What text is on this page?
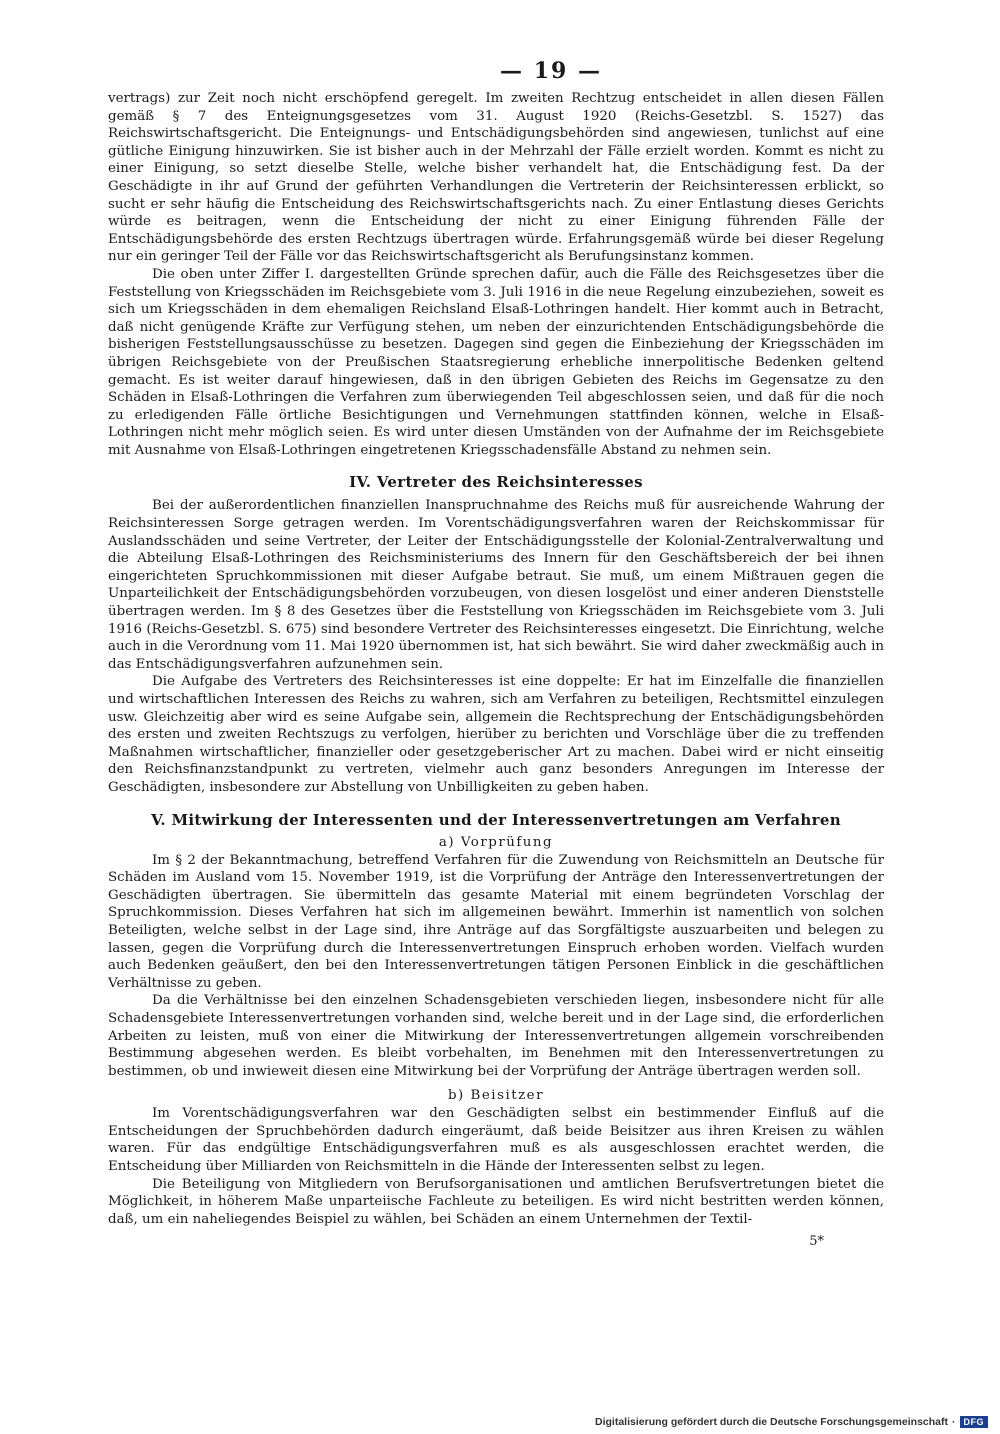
— 19 —

vertrags) zur Zeit noch nicht erschöpfend geregelt. Im zweiten Rechtzug entscheidet in allen diesen Fällen gemäß § 7 des Enteignungsgesetzes vom 31. August 1920 (Reichs-Gesetzbl. S. 1527) das Reichswirtschaftsgericht. Die Enteignungs- und Entschädigungsbehörden sind angewiesen, tunlichst auf eine gütliche Einigung hinzuwirken. Sie ist bisher auch in der Mehrzahl der Fälle erzielt worden. Kommt es nicht zu einer Einigung, so setzt dieselbe Stelle, welche bisher verhandelt hat, die Entschädigung fest. Da der Geschädigte in ihr auf Grund der geführten Verhandlungen die Vertreterin der Reichsinteressen erblickt, so sucht er sehr häufig die Entscheidung des Reichswirtschaftsgerichts nach. Zu einer Entlastung dieses Gerichts würde es beitragen, wenn die Entscheidung der nicht zu einer Einigung führenden Fälle der Entschädigungsbehörde des ersten Rechtzugs übertragen würde. Erfahrungsgemäß würde bei dieser Regelung nur ein geringer Teil der Fälle vor das Reichswirtschaftsgericht als Berufungsinstanz kommen.

Die oben unter Ziffer I. dargestellten Gründe sprechen dafür, auch die Fälle des Reichsgesetzes über die Feststellung von Kriegsschäden im Reichsgebiete vom 3. Juli 1916 in die neue Regelung einzubeziehen, soweit es sich um Kriegsschäden in dem ehemaligen Reichsland Elsaß-Lothringen handelt. Hier kommt auch in Betracht, daß nicht genügende Kräfte zur Verfügung stehen, um neben der einzurichtenden Entschädigungsbehörde die bisherigen Feststellungsausschüsse zu besetzen. Dagegen sind gegen die Einbeziehung der Kriegsschäden im übrigen Reichsgebiete von der Preußischen Staatsregierung erhebliche innerpolitische Bedenken geltend gemacht. Es ist weiter darauf hingewiesen, daß in den übrigen Gebieten des Reichs im Gegensatze zu den Schäden in Elsaß-Lothringen die Verfahren zum überwiegenden Teil abgeschlossen seien, und daß für die noch zu erledigenden Fälle örtliche Besichtigungen und Vernehmungen stattfinden können, welche in Elsaß-Lothringen nicht mehr möglich seien. Es wird unter diesen Umständen von der Aufnahme der im Reichsgebiete mit Ausnahme von Elsaß-Lothringen eingetretenen Kriegsschadensfälle Abstand zu nehmen sein.

IV. Vertreter des Reichsinteresses

Bei der außerordentlichen finanziellen Inanspruchnahme des Reichs muß für ausreichende Wahrung der Reichsinteressen Sorge getragen werden. Im Vorentschädigungsverfahren waren der Reichskommissar für Auslandsschäden und seine Vertreter, der Leiter der Entschädigungsstelle der Kolonial-Zentralverwaltung und die Abteilung Elsaß-Lothringen des Reichsministeriums des Innern für den Geschäftsbereich der bei ihnen eingerichteten Spruchkommissionen mit dieser Aufgabe betraut. Sie muß, um einem Mißtrauen gegen die Unparteilichkeit der Entschädigungsbehörden vorzubeugen, von diesen losgelöst und einer anderen Dienststelle übertragen werden. Im § 8 des Gesetzes über die Feststellung von Kriegsschäden im Reichsgebiete vom 3. Juli 1916 (Reichs-Gesetzbl. S. 675) sind besondere Vertreter des Reichsinteresses eingesetzt. Die Einrichtung, welche auch in die Verordnung vom 11. Mai 1920 übernommen ist, hat sich bewährt. Sie wird daher zweckmäßig auch in das Entschädigungsverfahren aufzunehmen sein.

Die Aufgabe des Vertreters des Reichsinteresses ist eine doppelte: Er hat im Einzelfalle die finanziellen und wirtschaftlichen Interessen des Reichs zu wahren, sich am Verfahren zu beteiligen, Rechtsmittel einzulegen usw. Gleichzeitig aber wird es seine Aufgabe sein, allgemein die Rechtsprechung der Entschädigungsbehörden des ersten und zweiten Rechtszugs zu verfolgen, hierüber zu berichten und Vorschläge über die zu treffenden Maßnahmen wirtschaftlicher, finanzieller oder gesetzgeberischer Art zu machen. Dabei wird er nicht einseitig den Reichsfinanzstandpunkt zu vertreten, vielmehr auch ganz besonders Anregungen im Interesse der Geschädigten, insbesondere zur Abstellung von Unbilligkeiten zu geben haben.

V. Mitwirkung der Interessenten und der Interessenvertretungen am Verfahren
a) Vorprüfung

Im § 2 der Bekanntmachung, betreffend Verfahren für die Zuwendung von Reichsmitteln an Deutsche für Schäden im Ausland vom 15. November 1919, ist die Vorprüfung der Anträge den Interessenvertretungen der Geschädigten übertragen. Sie übermitteln das gesamte Material mit einem begründeten Vorschlag der Spruchkommission. Dieses Verfahren hat sich im allgemeinen bewährt. Immerhin ist namentlich von solchen Beteiligten, welche selbst in der Lage sind, ihre Anträge auf das Sorgfältigste auszuarbeiten und belegen zu lassen, gegen die Vorprüfung durch die Interessenvertretungen Einspruch erhoben worden. Vielfach wurden auch Bedenken geäußert, den bei den Interessenvertretungen tätigen Personen Einblick in die geschäftlichen Verhältnisse zu geben.

Da die Verhältnisse bei den einzelnen Schadensgebieten verschieden liegen, insbesondere nicht für alle Schadensgebiete Interessenvertretungen vorhanden sind, welche bereit und in der Lage sind, die erforderlichen Arbeiten zu leisten, muß von einer die Mitwirkung der Interessenvertretungen allgemein vorschreibenden Bestimmung abgesehen werden. Es bleibt vorbehalten, im Benehmen mit den Interessenvertretungen zu bestimmen, ob und inwieweit diesen eine Mitwirkung bei der Vorprüfung der Anträge übertragen werden soll.

b) Beisitzer

Im Vorentschädigungsverfahren war den Geschädigten selbst ein bestimmender Einfluß auf die Entscheidungen der Spruchbehörden dadurch eingeräumt, daß beide Beisitzer aus ihren Kreisen zu wählen waren. Für das endgültige Entschädigungsverfahren muß es als ausgeschlossen erachtet werden, die Entscheidung über Milliarden von Reichsmitteln in die Hände der Interessenten selbst zu legen.

Die Beteiligung von Mitgliedern von Berufsorganisationen und amtlichen Berufsvertretungen bietet die Möglichkeit, in höherem Maße unparteiische Fachleute zu beteiligen. Es wird nicht bestritten werden können, daß, um ein naheliegendes Beispiel zu wählen, bei Schäden an einem Unternehmen der Textil-

5*
Digitalisierung gefördert durch die Deutsche Forschungsgemeinschaft · DFG
